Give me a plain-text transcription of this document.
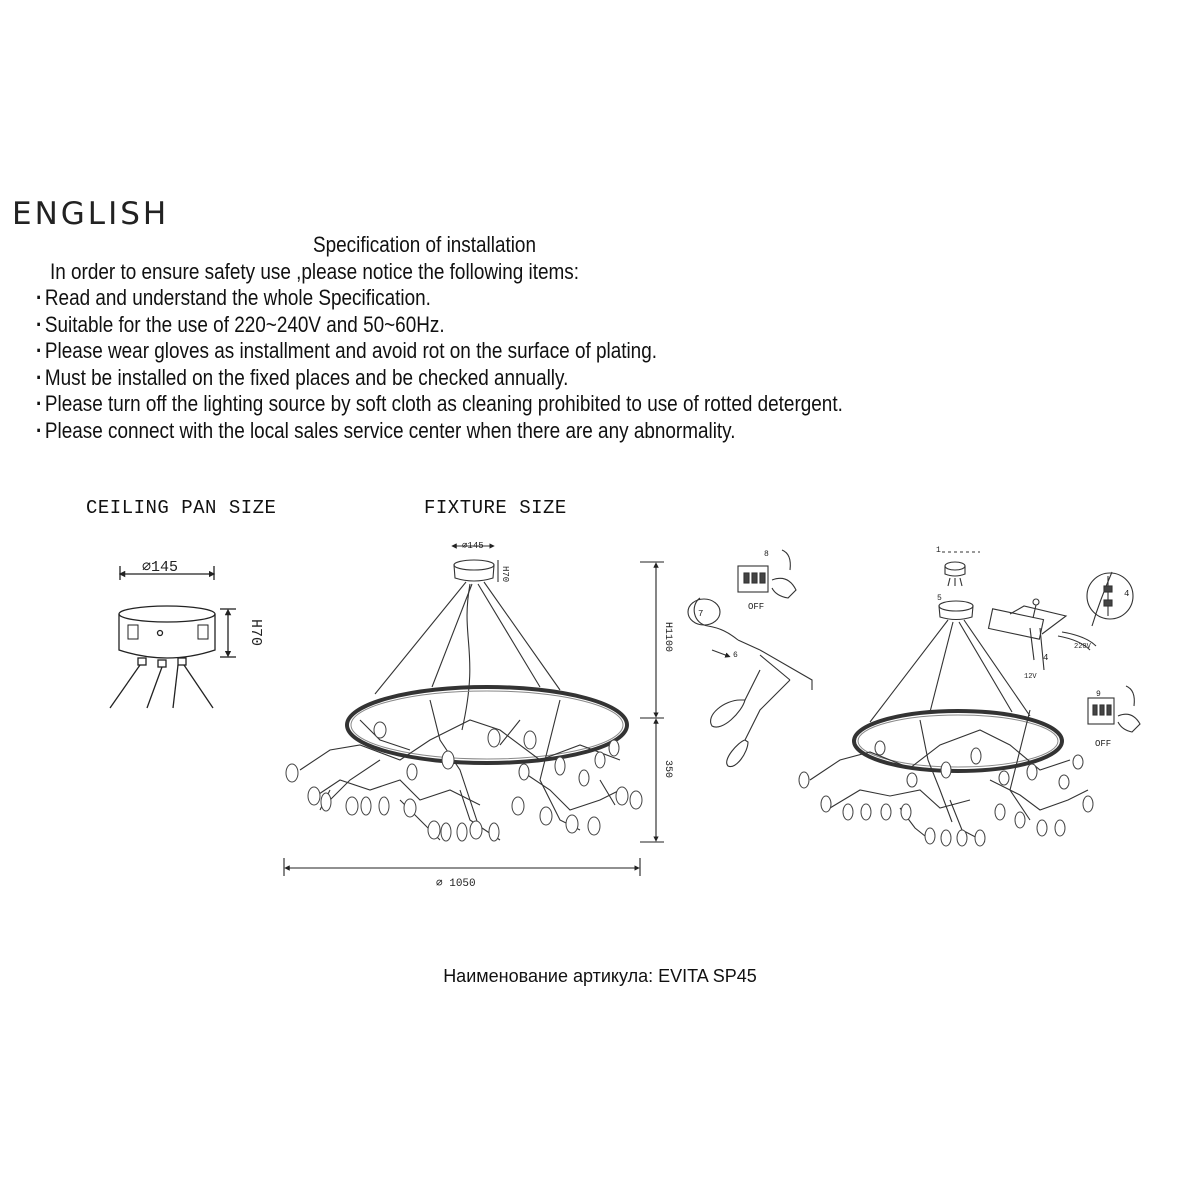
ENGLISH
Specification of installation
In order to ensure safety use ,please notice the following items:
· Read and understand the whole Specification.
· Suitable for the use of 220~240V and 50~60Hz.
· Please wear gloves as installment and avoid rot on the surface of plating.
· Must be installed on the fixed places and be checked annually.
· Please turn off the lighting source by soft cloth as cleaning prohibited to use of rotted detergent.
· Please connect with the local sales service center when there are any abnormality.
CEILING PAN SIZE	FIXTURE SIZE
⌀145
H70
⌀145
H70
H1100
350
⌀ 1050
OFF
8
7
6
1
5	4
4
220V
12V
9
OFF
Наименование артикула: EVITA SP45
